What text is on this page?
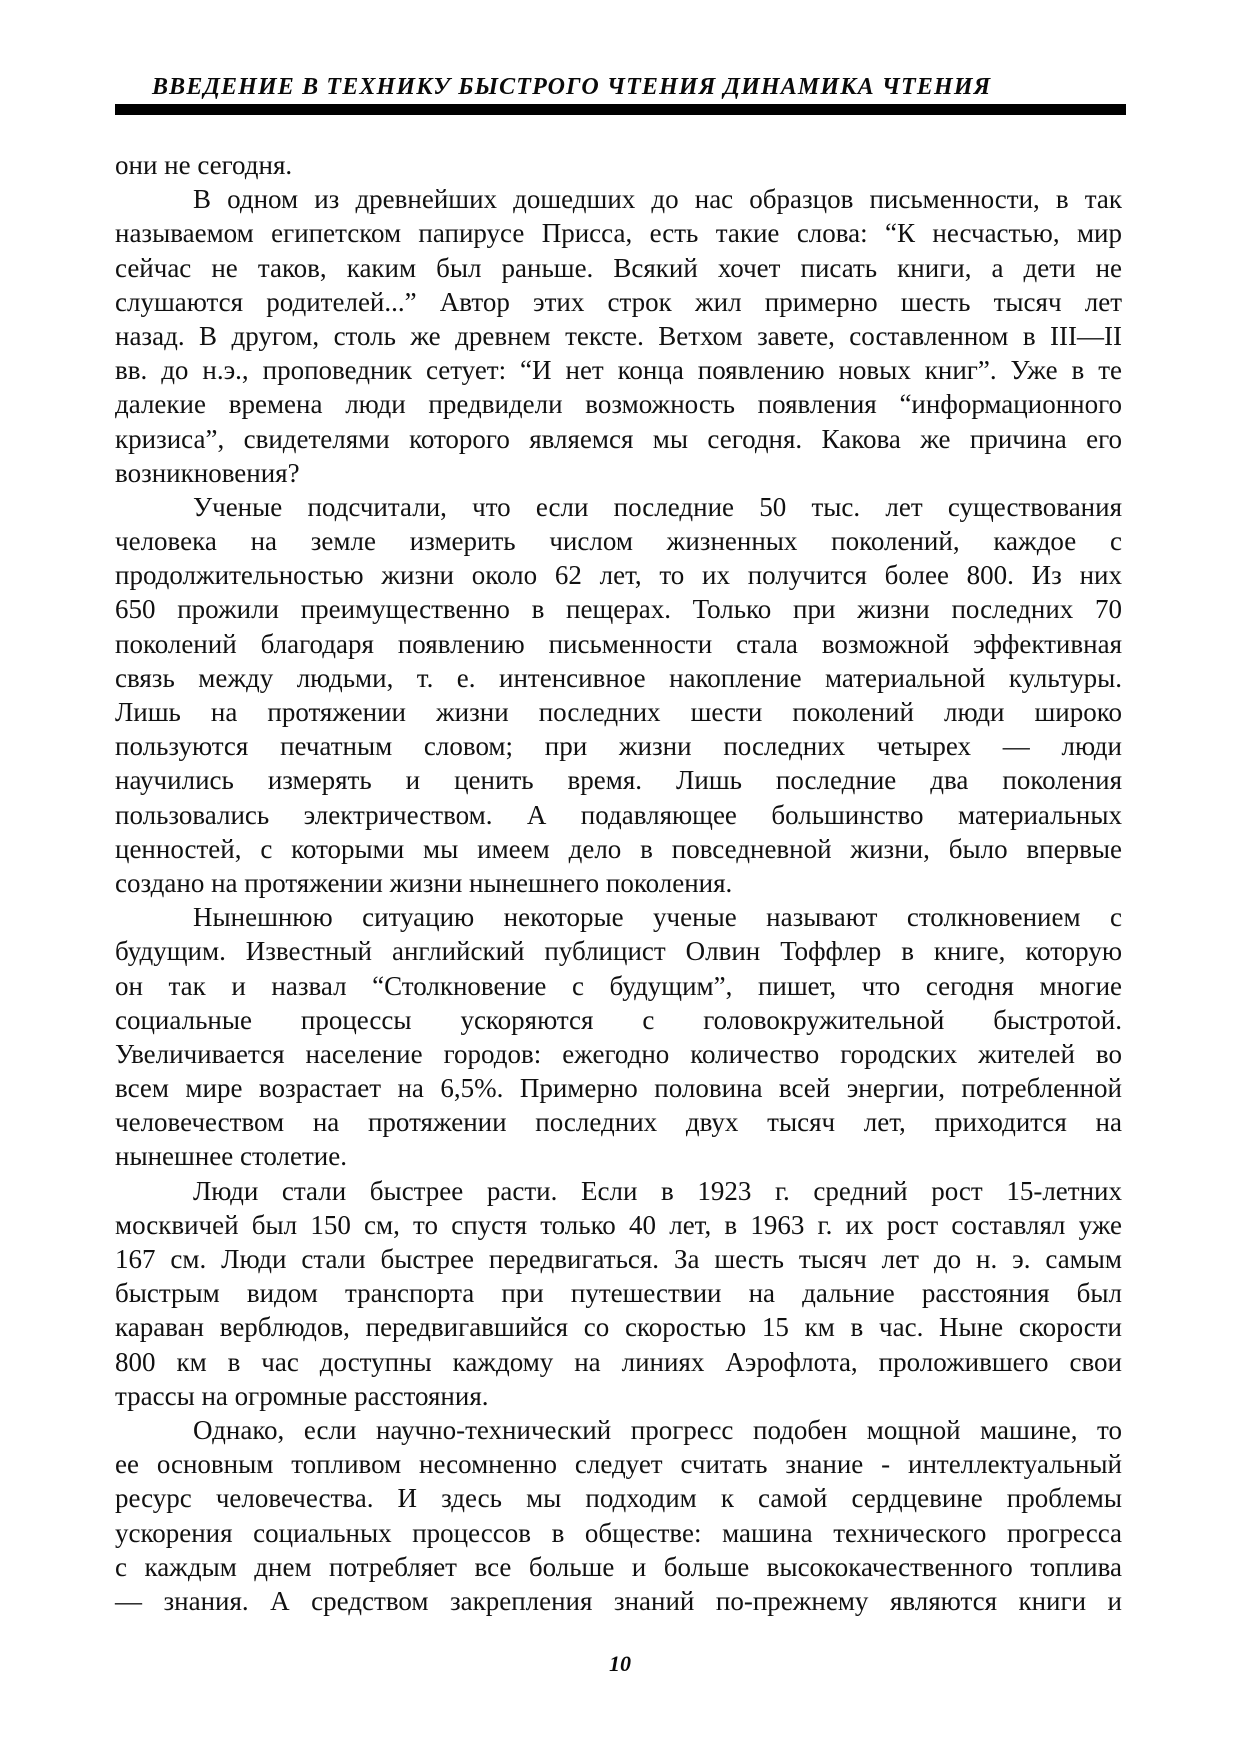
ВВЕДЕНИЕ В ТЕХНИКУ БЫСТРОГО ЧТЕНИЯ ДИНАМИКА ЧТЕНИЯ
они не сегодня.
В одном из древнейших дошедших до нас образцов письменности, в так
называемом египетском папирусе Присса, есть такие слова: “К несчастью, мир
сейчас не таков, каким был раньше. Всякий хочет писать книги, а дети не
слушаются родителей...” Автор этих строк жил примерно шесть тысяч лет
назад. В другом, столь же древнем тексте. Ветхом завете, составленном в III—II
вв. до н.э., проповедник сетует: “И нет конца появлению новых книг”. Уже в те
далекие времена люди предвидели возможность появления “информационного
кризиса”, свидетелями которого являемся мы сегодня. Какова же причина его
возникновения?
Ученые подсчитали, что если последние 50 тыс. лет существования
человека на земле измерить числом жизненных поколений, каждое с
продолжительностью жизни около 62 лет, то их получится более 800. Из них
650 прожили преимущественно в пещерах. Только при жизни последних 70
поколений благодаря появлению письменности стала возможной эффективная
связь между людьми, т. е. интенсивное накопление материальной культуры.
Лишь на протяжении жизни последних шести поколений люди широко
пользуются печатным словом; при жизни последних четырех — люди
научились измерять и ценить время. Лишь последние два поколения
пользовались электричеством. А подавляющее большинство материальных
ценностей, с которыми мы имеем дело в повседневной жизни, было впервые
создано на протяжении жизни нынешнего поколения.
Нынешнюю ситуацию некоторые ученые называют столкновением с
будущим. Известный английский публицист Олвин Тоффлер в книге, которую
он так и назвал “Столкновение с будущим”, пишет, что сегодня многие
социальные процессы ускоряются с головокружительной быстротой.
Увеличивается население городов: ежегодно количество городских жителей во
всем мире возрастает на 6,5%. Примерно половина всей энергии, потребленной
человечеством на протяжении последних двух тысяч лет, приходится на
нынешнее столетие.
Люди стали быстрее расти. Если в 1923 г. средний рост 15-летних
москвичей был 150 см, то спустя только 40 лет, в 1963 г. их рост составлял уже
167 см. Люди стали быстрее передвигаться. За шесть тысяч лет до н. э. самым
быстрым видом транспорта при путешествии на дальние расстояния был
караван верблюдов, передвигавшийся со скоростью 15 км в час. Ныне скорости
800 км в час доступны каждому на линиях Аэрофлота, проложившего свои
трассы на огромные расстояния.
Однако, если научно-технический прогресс подобен мощной машине, то
ее основным топливом несомненно следует считать знание - интеллектуальный
ресурс человечества. И здесь мы подходим к самой сердцевине проблемы
ускорения социальных процессов в обществе: машина технического прогресса
с каждым днем потребляет все больше и больше высококачественного топлива
— знания. А средством закрепления знаний по-прежнему являются книги и
10
